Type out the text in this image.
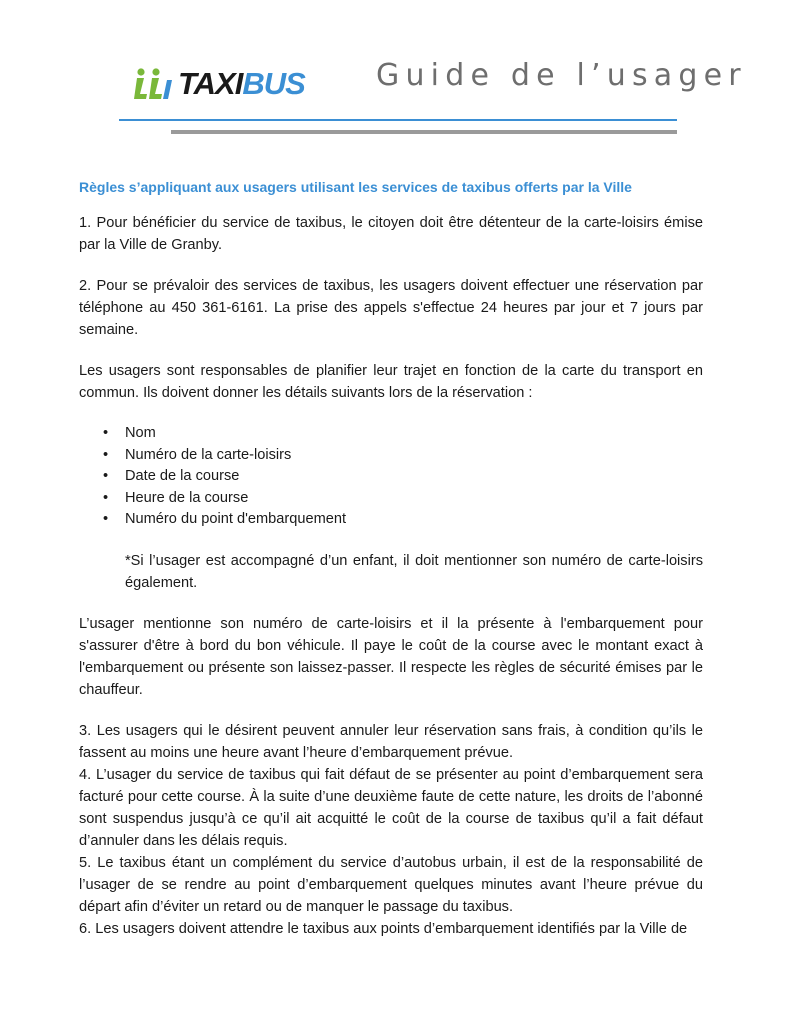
TAXI BUS Guide de l’usager

Règles s’appliquant aux usagers utilisant les services de taxibus offerts par la Ville

1. Pour bénéficier du service de taxibus, le citoyen doit être détenteur de la carte-loisirs émise par la Ville de Granby.

2. Pour se prévaloir des services de taxibus, les usagers doivent effectuer une réservation par téléphone au 450 361-6161. La prise des appels s'effectue 24 heures par jour et 7 jours par semaine.

Les usagers sont responsables de planifier leur trajet en fonction de la carte du transport en commun. Ils doivent donner les détails suivants lors de la réservation :

• Nom
• Numéro de la carte-loisirs
• Date de la course
• Heure de la course
• Numéro du point d'embarquement

*Si l’usager est accompagné d’un enfant, il doit mentionner son numéro de carte-loisirs également.

L’usager mentionne son numéro de carte-loisirs et il la présente à l'embarquement pour s'assurer d'être à bord du bon véhicule. Il paye le coût de la course avec le montant exact à l'embarquement ou présente son laissez-passer. Il respecte les règles de sécurité émises par le chauffeur.

3. Les usagers qui le désirent peuvent annuler leur réservation sans frais, à condition qu’ils le fassent au moins une heure avant l’heure d’embarquement prévue.

4. L’usager du service de taxibus qui fait défaut de se présenter au point d’embarquement sera facturé pour cette course. À la suite d’une deuxième faute de cette nature, les droits de l’abonné sont suspendus jusqu’à ce qu’il ait acquitté le coût de la course de taxibus qu’il a fait défaut d’annuler dans les délais requis.

5. Le taxibus étant un complément du service d’autobus urbain, il est de la responsabilité de l’usager de se rendre au point d’embarquement quelques minutes avant l’heure prévue du départ afin d’éviter un retard ou de manquer le passage du taxibus.

6. Les usagers doivent attendre le taxibus aux points d’embarquement identifiés par la Ville de
